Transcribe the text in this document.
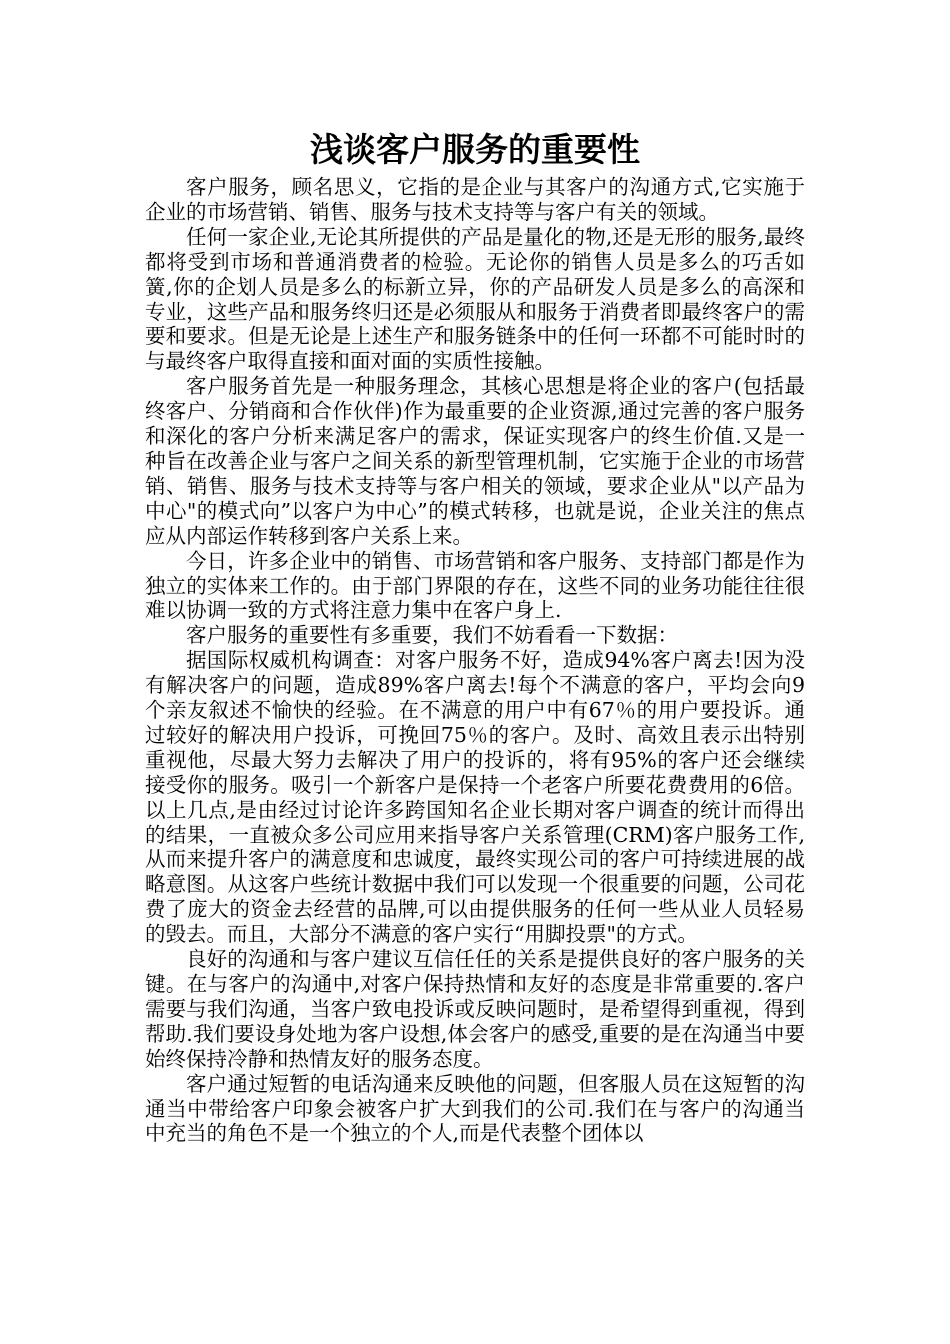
浅谈客户服务的重要性

客户服务，顾名思义，它指的是企业与其客户的沟通方式,它实施于企业的市场营销、销售、服务与技术支持等与客户有关的领域。

任何一家企业,无论其所提供的产品是量化的物,还是无形的服务,最终都将受到市场和普通消费者的检验。无论你的销售人员是多么的巧舌如簧,你的企划人员是多么的标新立异，你的产品研发人员是多么的高深和专业，这些产品和服务终归还是必须服从和服务于消费者即最终客户的需要和要求。但是无论是上述生产和服务链条中的任何一环都不可能时时的与最终客户取得直接和面对面的实质性接触。

客户服务首先是一种服务理念，其核心思想是将企业的客户(包括最终客户、分销商和合作伙伴)作为最重要的企业资源,通过完善的客户服务和深化的客户分析来满足客户的需求，保证实现客户的终生价值.又是一种旨在改善企业与客户之间关系的新型管理机制，它实施于企业的市场营销、销售、服务与技术支持等与客户相关的领域，要求企业从"以产品为中心"的模式向”以客户为中心”的模式转移，也就是说，企业关注的焦点应从内部运作转移到客户关系上来。

今日，许多企业中的销售、市场营销和客户服务、支持部门都是作为独立的实体来工作的。由于部门界限的存在，这些不同的业务功能往往很难以协调一致的方式将注意力集中在客户身上.

客户服务的重要性有多重要，我们不妨看看一下数据：

据国际权威机构调查：对客户服务不好，造成94%客户离去!因为没有解决客户的问题，造成89%客户离去!每个不满意的客户，平均会向9个亲友叙述不愉快的经验。在不满意的用户中有67％的用户要投诉。通过较好的解决用户投诉，可挽回75％的客户。及时、高效且表示出特别重视他，尽最大努力去解决了用户的投诉的，将有95%的客户还会继续接受你的服务。吸引一个新客户是保持一个老客户所要花费费用的6倍。以上几点,是由经过讨论许多跨国知名企业长期对客户调查的统计而得出的结果，一直被众多公司应用来指导客户关系管理(CRM)客户服务工作,从而来提升客户的满意度和忠诚度，最终实现公司的客户可持续进展的战略意图。从这客户些统计数据中我们可以发现一个很重要的问题，公司花费了庞大的资金去经营的品牌,可以由提供服务的任何一些从业人员轻易的毁去。而且，大部分不满意的客户实行“用脚投票"的方式。

良好的沟通和与客户建议互信任任的关系是提供良好的客户服务的关键。在与客户的沟通中,对客户保持热情和友好的态度是非常重要的.客户需要与我们沟通，当客户致电投诉或反映问题时，是希望得到重视，得到帮助.我们要设身处地为客户设想,体会客户的感受,重要的是在沟通当中要始终保持冷静和热情友好的服务态度。

客户通过短暂的电话沟通来反映他的问题，但客服人员在这短暂的沟通当中带给客户印象会被客户扩大到我们的公司.我们在与客户的沟通当中充当的角色不是一个独立的个人,而是代表整个团体以
